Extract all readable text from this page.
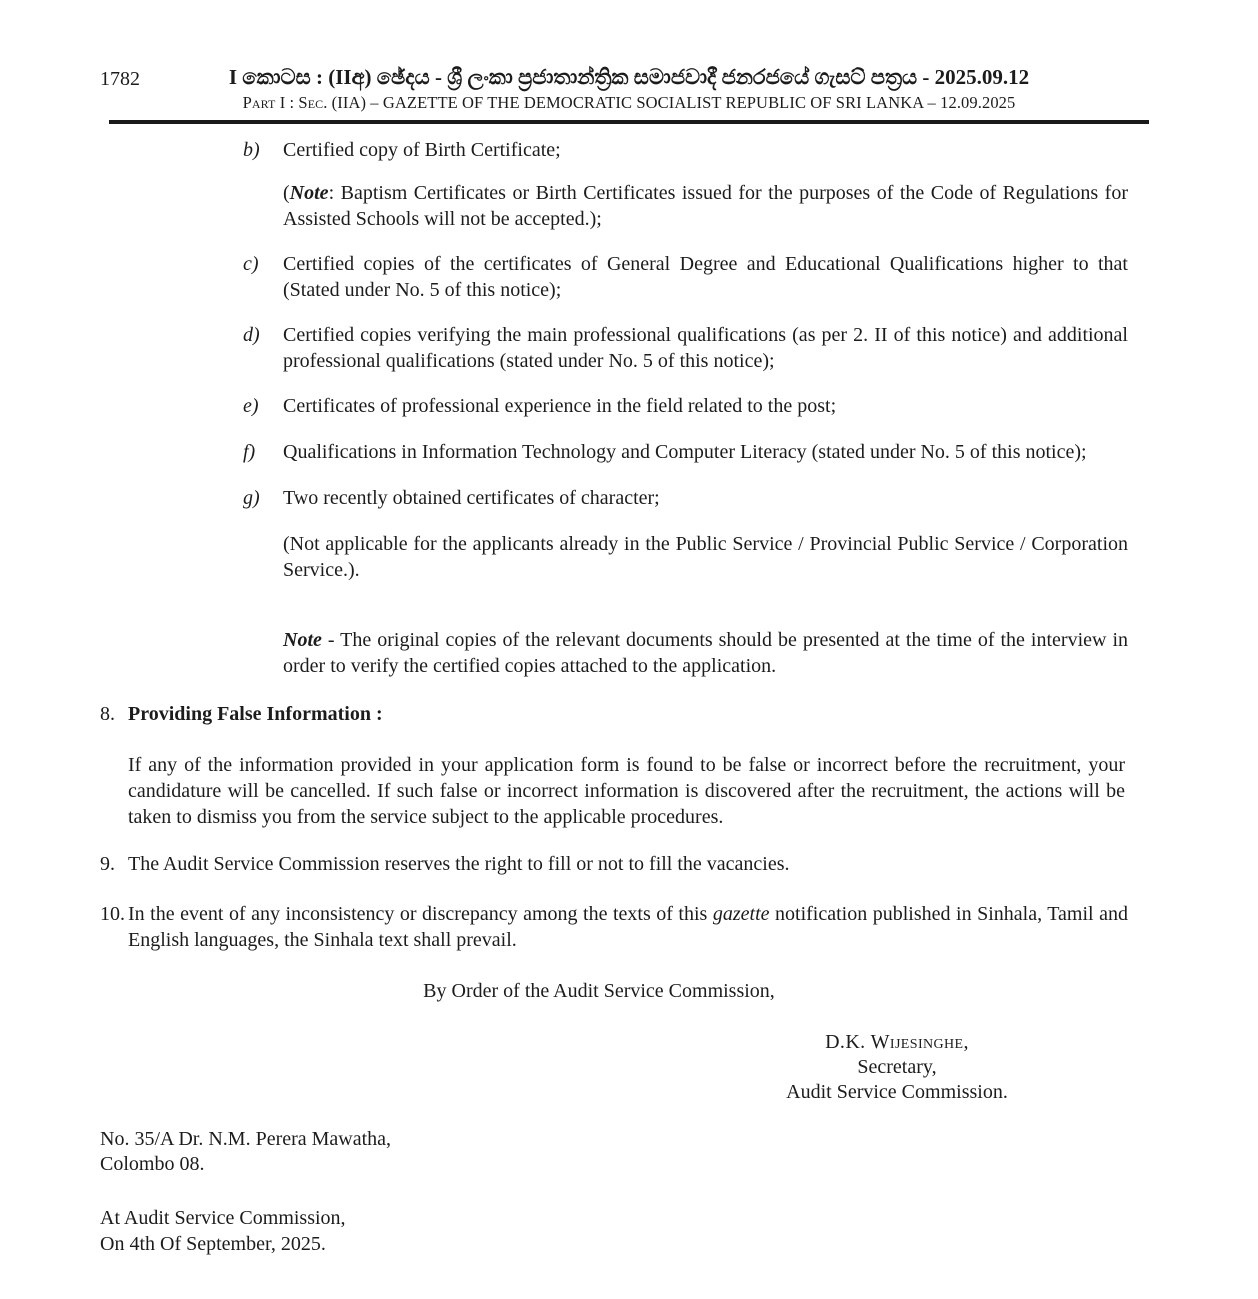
1782	I කොටස : (IIඅ) ඡේදය - ශ්‍රී ලංකා ප්‍රජාතාන්ත්‍රික සමාජවාදී ජනරජයේ ගැසට් පත්‍රය - 2025.09.12
Part I : Sec. (IIA) – GAZETTE OF THE DEMOCRATIC SOCIALIST REPUBLIC OF SRI LANKA – 12.09.2025
b)	Certified copy of Birth Certificate;

(Note: Baptism Certificates or Birth Certificates issued for the purposes of the Code of Regulations for Assisted Schools will not be accepted.);

c)	Certified copies of the certificates of General Degree and Educational Qualifications higher to that (Stated under No. 5 of this notice);
d)	Certified copies verifying the main professional qualifications (as per 2. II of this notice) and additional professional qualifications (stated under No. 5 of this notice);
e)	Certificates of professional experience in the field related to the post;
f)	Qualifications in Information Technology and Computer Literacy (stated under No. 5 of this notice);
g)	Two recently obtained certificates of character;

(Not applicable for the applicants already in the Public Service / Provincial Public Service / Corporation Service.).

Note - The original copies of the relevant documents should be presented at the time of the interview in order to verify the certified copies attached to the application.

8. Providing False Information :

If any of the information provided in your application form is found to be false or incorrect before the recruitment, your candidature will be cancelled. If such false or incorrect information is discovered after the recruitment, the actions will be taken to dismiss you from the service subject to the applicable procedures.

9. The Audit Service Commission reserves the right to fill or not to fill the vacancies.
10. In the event of any inconsistency or discrepancy among the texts of this gazette notification published in Sinhala, Tamil and English languages, the Sinhala text shall prevail.

By Order of the Audit Service Commission,

D.K. Wijesinghe,
Secretary,
Audit Service Commission.
No. 35/A Dr. N.M. Perera Mawatha,
Colombo 08.
At Audit Service Commission,
On 4th Of September, 2025.
